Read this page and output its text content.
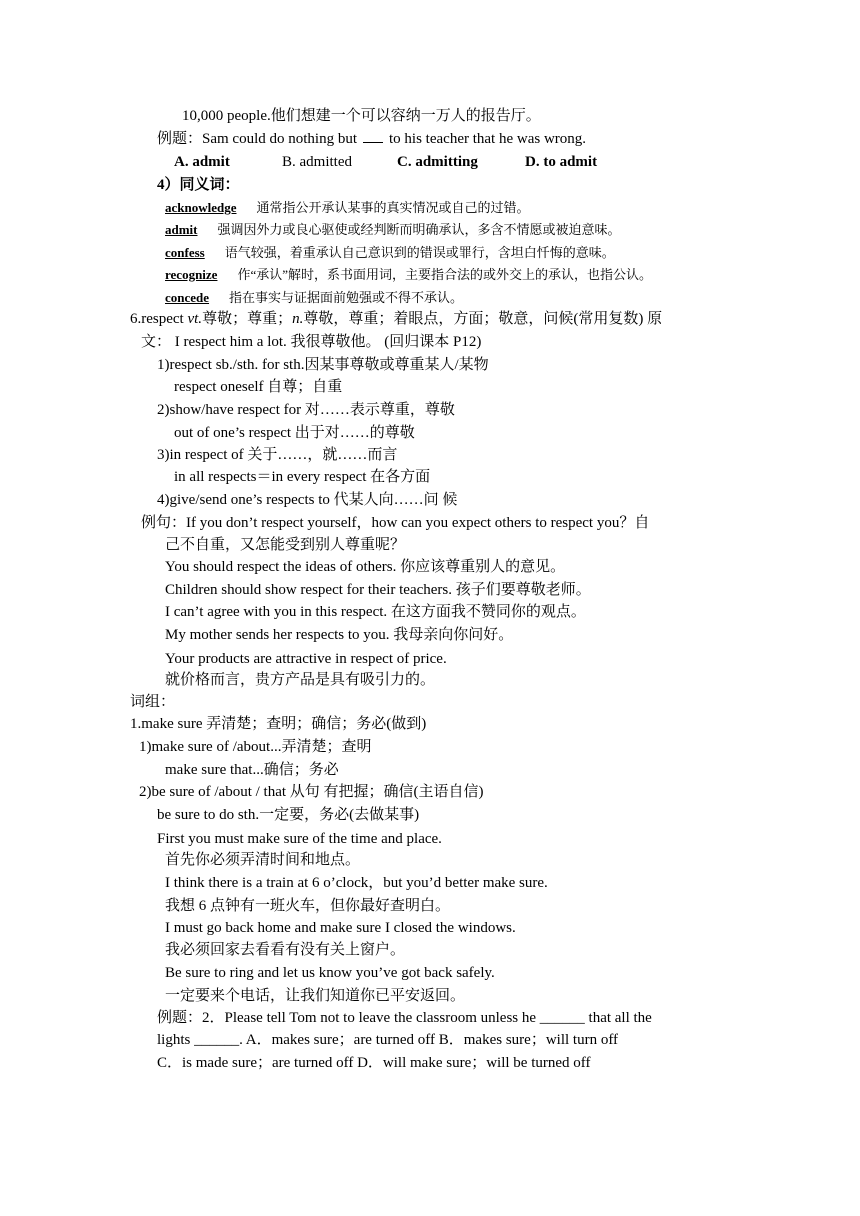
10,000 people.他们想建一个可以容纳一万人的报告厅。
例题：Sam could do nothing but to his teacher that he was wrong.
A. admit	B. admitted	C. admitting	D. to admit
4）同义词：
acknowledge 通常指公开承认某事的真实情况或自己的过错。
admit 强调因外力或良心驱使或经判断而明确承认，多含不情愿或被迫意味。
confess 语气较强，着重承认自己意识到的错误或罪行，含坦白忏悔的意味。
recognize 作“承认”解时，系书面用词，主要指合法的或外交上的承认，也指公认。
concede 指在事实与证据面前勉强或不得不承认。
6.respect vt.尊敬；尊重；n.尊敬，尊重；着眼点，方面；敬意，问候(常用复数) 原
文： I respect him a lot. 我很尊敬他。 (回归课本 P12)
1)respect sb./sth. for sth.因某事尊敬或尊重某人/某物
respect oneself 自尊；自重
2)show/have respect for 对……表示尊重，尊敬
out of one’s respect 出于对……的尊敬
3)in respect of 关于……，就……而言
in all respects＝in every respect 在各方面
4)give/send one’s respects to 代某人向……问 候
例句：If you don’t respect yourself，how can you expect others to respect you？自
己不自重，又怎能受到别人尊重呢？
You should respect the ideas of others. 你应该尊重别人的意见。
Children should show respect for their teachers. 孩子们要尊敬老师。
I can’t agree with you in this respect. 在这方面我不赞同你的观点。
My mother sends her respects to you. 我母亲向你问好。
Your products are attractive in respect of price.
就价格而言，贵方产品是具有吸引力的。
词组：
1.make sure 弄清楚；查明；确信；务必(做到)
1)make sure of /about...弄清楚；查明
make sure that...确信；务必
2)be sure of /about / that 从句 有把握；确信(主语自信)
be sure to do sth.一定要，务必(去做某事)
First you must make sure of the time and place.
首先你必须弄清时间和地点。
I think there is a train at 6 o’clock，but you’d better make sure.
我想 6 点钟有一班火车，但你最好查明白。
I must go back home and make sure I closed the windows.
我必须回家去看看有没有关上窗户。
Be sure to ring and let us know you’ve got back safely.
一定要来个电话，让我们知道你已平安返回。
例题：2．Please tell Tom not to leave the classroom unless he ______ that all the
lights ______. A．makes sure；are turned off B．makes sure；will turn off
C．is made sure；are turned off D．will make sure；will be turned off
